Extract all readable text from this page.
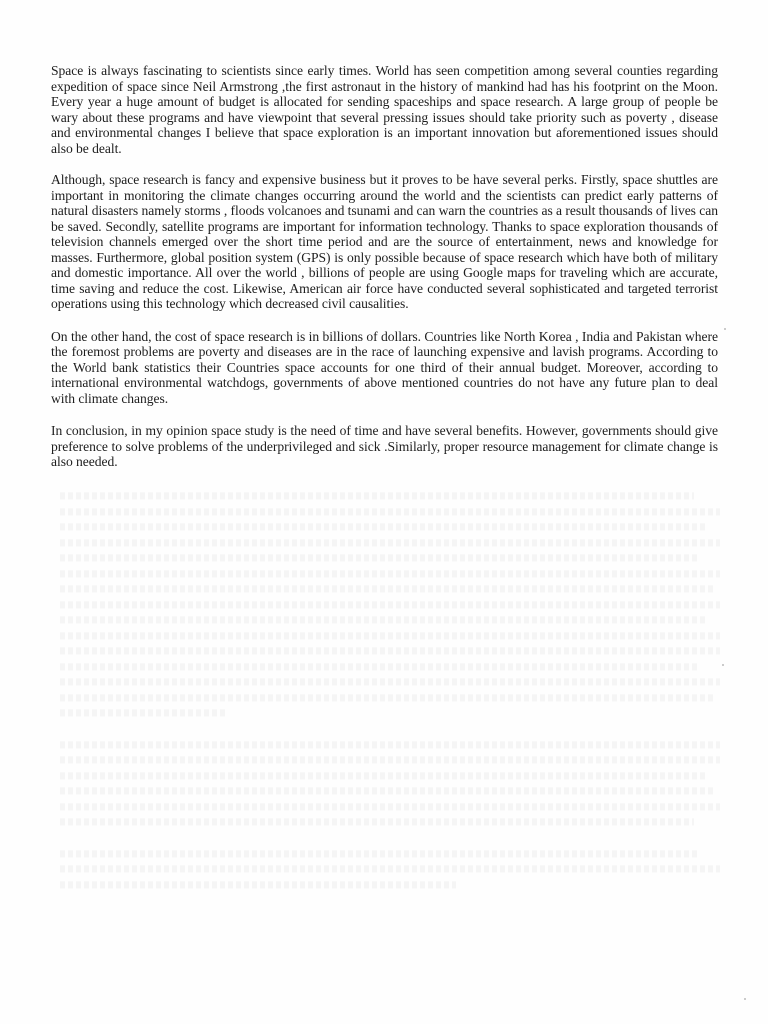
Space is always fascinating to scientists since early times. World has seen competition among several counties regarding expedition of space since Neil Armstrong ,the first astronaut in the history of mankind had has his footprint on the Moon. Every year a huge amount of budget is allocated for sending spaceships and space research. A large group of people be wary about these programs and have viewpoint that several pressing issues should take priority such as poverty , disease and environmental changes I believe that space exploration is an important innovation but aforementioned issues should also be dealt.

Although, space research is fancy and expensive business but it proves to be have several perks. Firstly, space shuttles are important in monitoring the climate changes occurring around the world and the scientists can predict early patterns of natural disasters namely storms , floods volcanoes and tsunami and can warn the countries as a result thousands of lives can be saved. Secondly, satellite programs are important for information technology. Thanks to space exploration thousands of television channels emerged over the short time period and are the source of entertainment, news and knowledge for masses. Furthermore, global position system (GPS) is only possible because of space research which have both of military and domestic importance. All over the world , billions of people are using Google maps for traveling which are accurate, time saving and reduce the cost. Likewise, American air force have conducted several sophisticated and targeted terrorist operations using this technology which decreased civil causalities.

On the other hand, the cost of space research is in billions of dollars. Countries like North Korea , India and Pakistan where the foremost problems are poverty and diseases are in the race of launching expensive and lavish programs. According to the World bank statistics their Countries space accounts for one third of their annual budget. Moreover, according to international environmental watchdogs, governments of above mentioned countries do not have any future plan to deal with climate changes.

In conclusion, in my opinion space study is the need of time and have several benefits. However, governments should give preference to solve problems of the underprivileged and sick .Similarly, proper resource management for climate change is also needed.
